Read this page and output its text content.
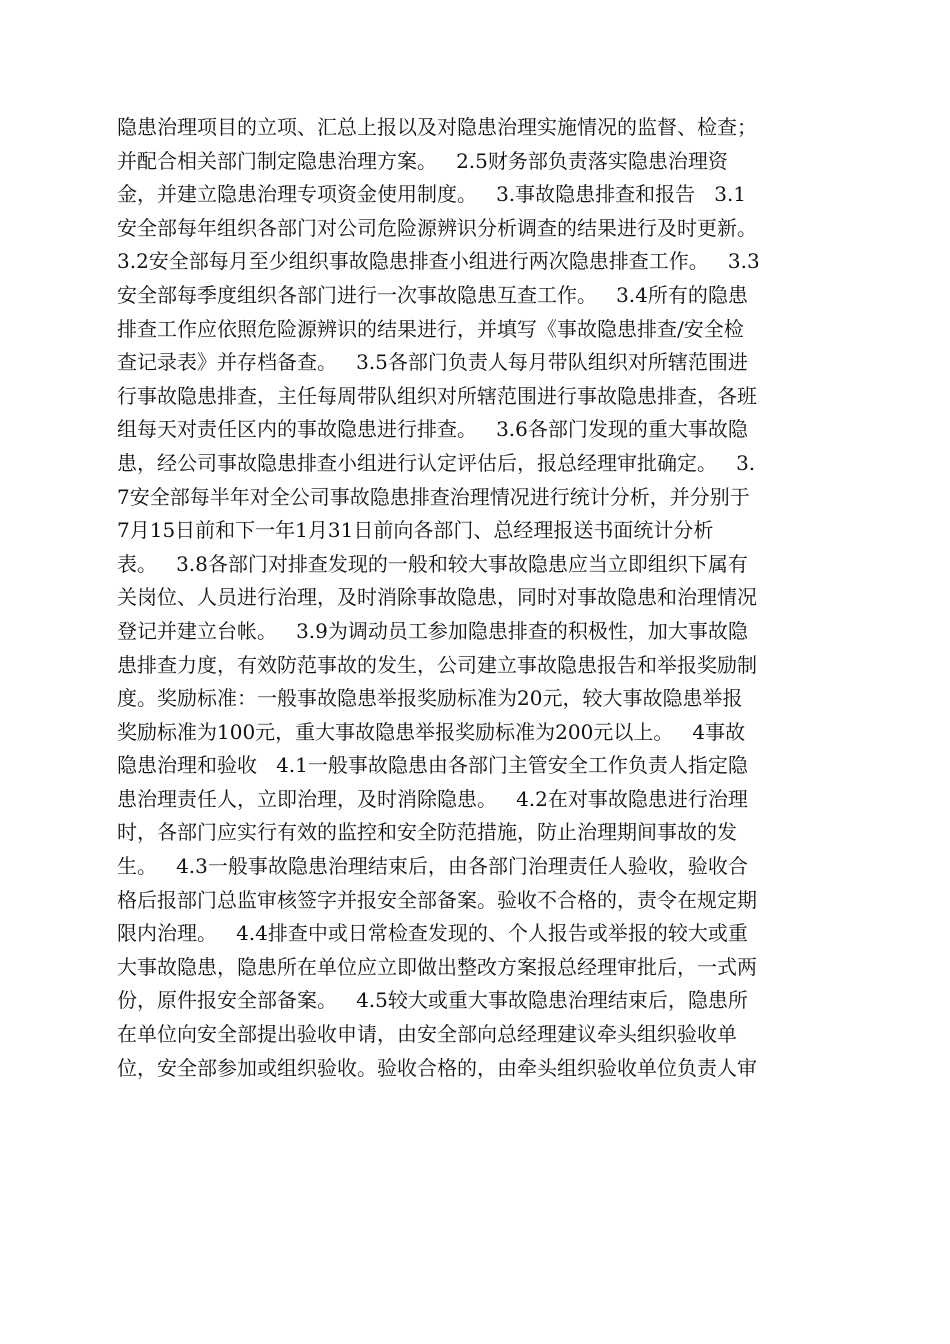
隐患治理项目的立项、汇总上报以及对隐患治理实施情况的监督、检查；
并配合相关部门制定隐患治理方案。   2.5财务部负责落实隐患治理资
金，并建立隐患治理专项资金使用制度。   3.事故隐患排查和报告   3.1
安全部每年组织各部门对公司危险源辨识分析调查的结果进行及时更新。
3.2安全部每月至少组织事故隐患排查小组进行两次隐患排查工作。   3.3
安全部每季度组织各部门进行一次事故隐患互查工作。   3.4所有的隐患
排查工作应依照危险源辨识的结果进行，并填写《事故隐患排查/安全检
查记录表》并存档备查。   3.5各部门负责人每月带队组织对所辖范围进
行事故隐患排查，主任每周带队组织对所辖范围进行事故隐患排查，各班
组每天对责任区内的事故隐患进行排查。   3.6各部门发现的重大事故隐
患，经公司事故隐患排查小组进行认定评估后，报总经理审批确定。   3.
7安全部每半年对全公司事故隐患排查治理情况进行统计分析，并分别于
7月15日前和下一年1月31日前向各部门、总经理报送书面统计分析
表。   3.8各部门对排查发现的一般和较大事故隐患应当立即组织下属有
关岗位、人员进行治理，及时消除事故隐患，同时对事故隐患和治理情况
登记并建立台帐。   3.9为调动员工参加隐患排查的积极性，加大事故隐
患排查力度，有效防范事故的发生，公司建立事故隐患报告和举报奖励制
度。奖励标准：一般事故隐患举报奖励标准为20元，较大事故隐患举报
奖励标准为100元，重大事故隐患举报奖励标准为200元以上。   4事故
隐患治理和验收   4.1一般事故隐患由各部门主管安全工作负责人指定隐
患治理责任人，立即治理，及时消除隐患。   4.2在对事故隐患进行治理
时，各部门应实行有效的监控和安全防范措施，防止治理期间事故的发
生。   4.3一般事故隐患治理结束后，由各部门治理责任人验收，验收合
格后报部门总监审核签字并报安全部备案。验收不合格的，责令在规定期
限内治理。   4.4排查中或日常检查发现的、个人报告或举报的较大或重
大事故隐患，隐患所在单位应立即做出整改方案报总经理审批后，一式两
份，原件报安全部备案。   4.5较大或重大事故隐患治理结束后，隐患所
在单位向安全部提出验收申请，由安全部向总经理建议牵头组织验收单
位，安全部参加或组织验收。验收合格的，由牵头组织验收单位负责人审
